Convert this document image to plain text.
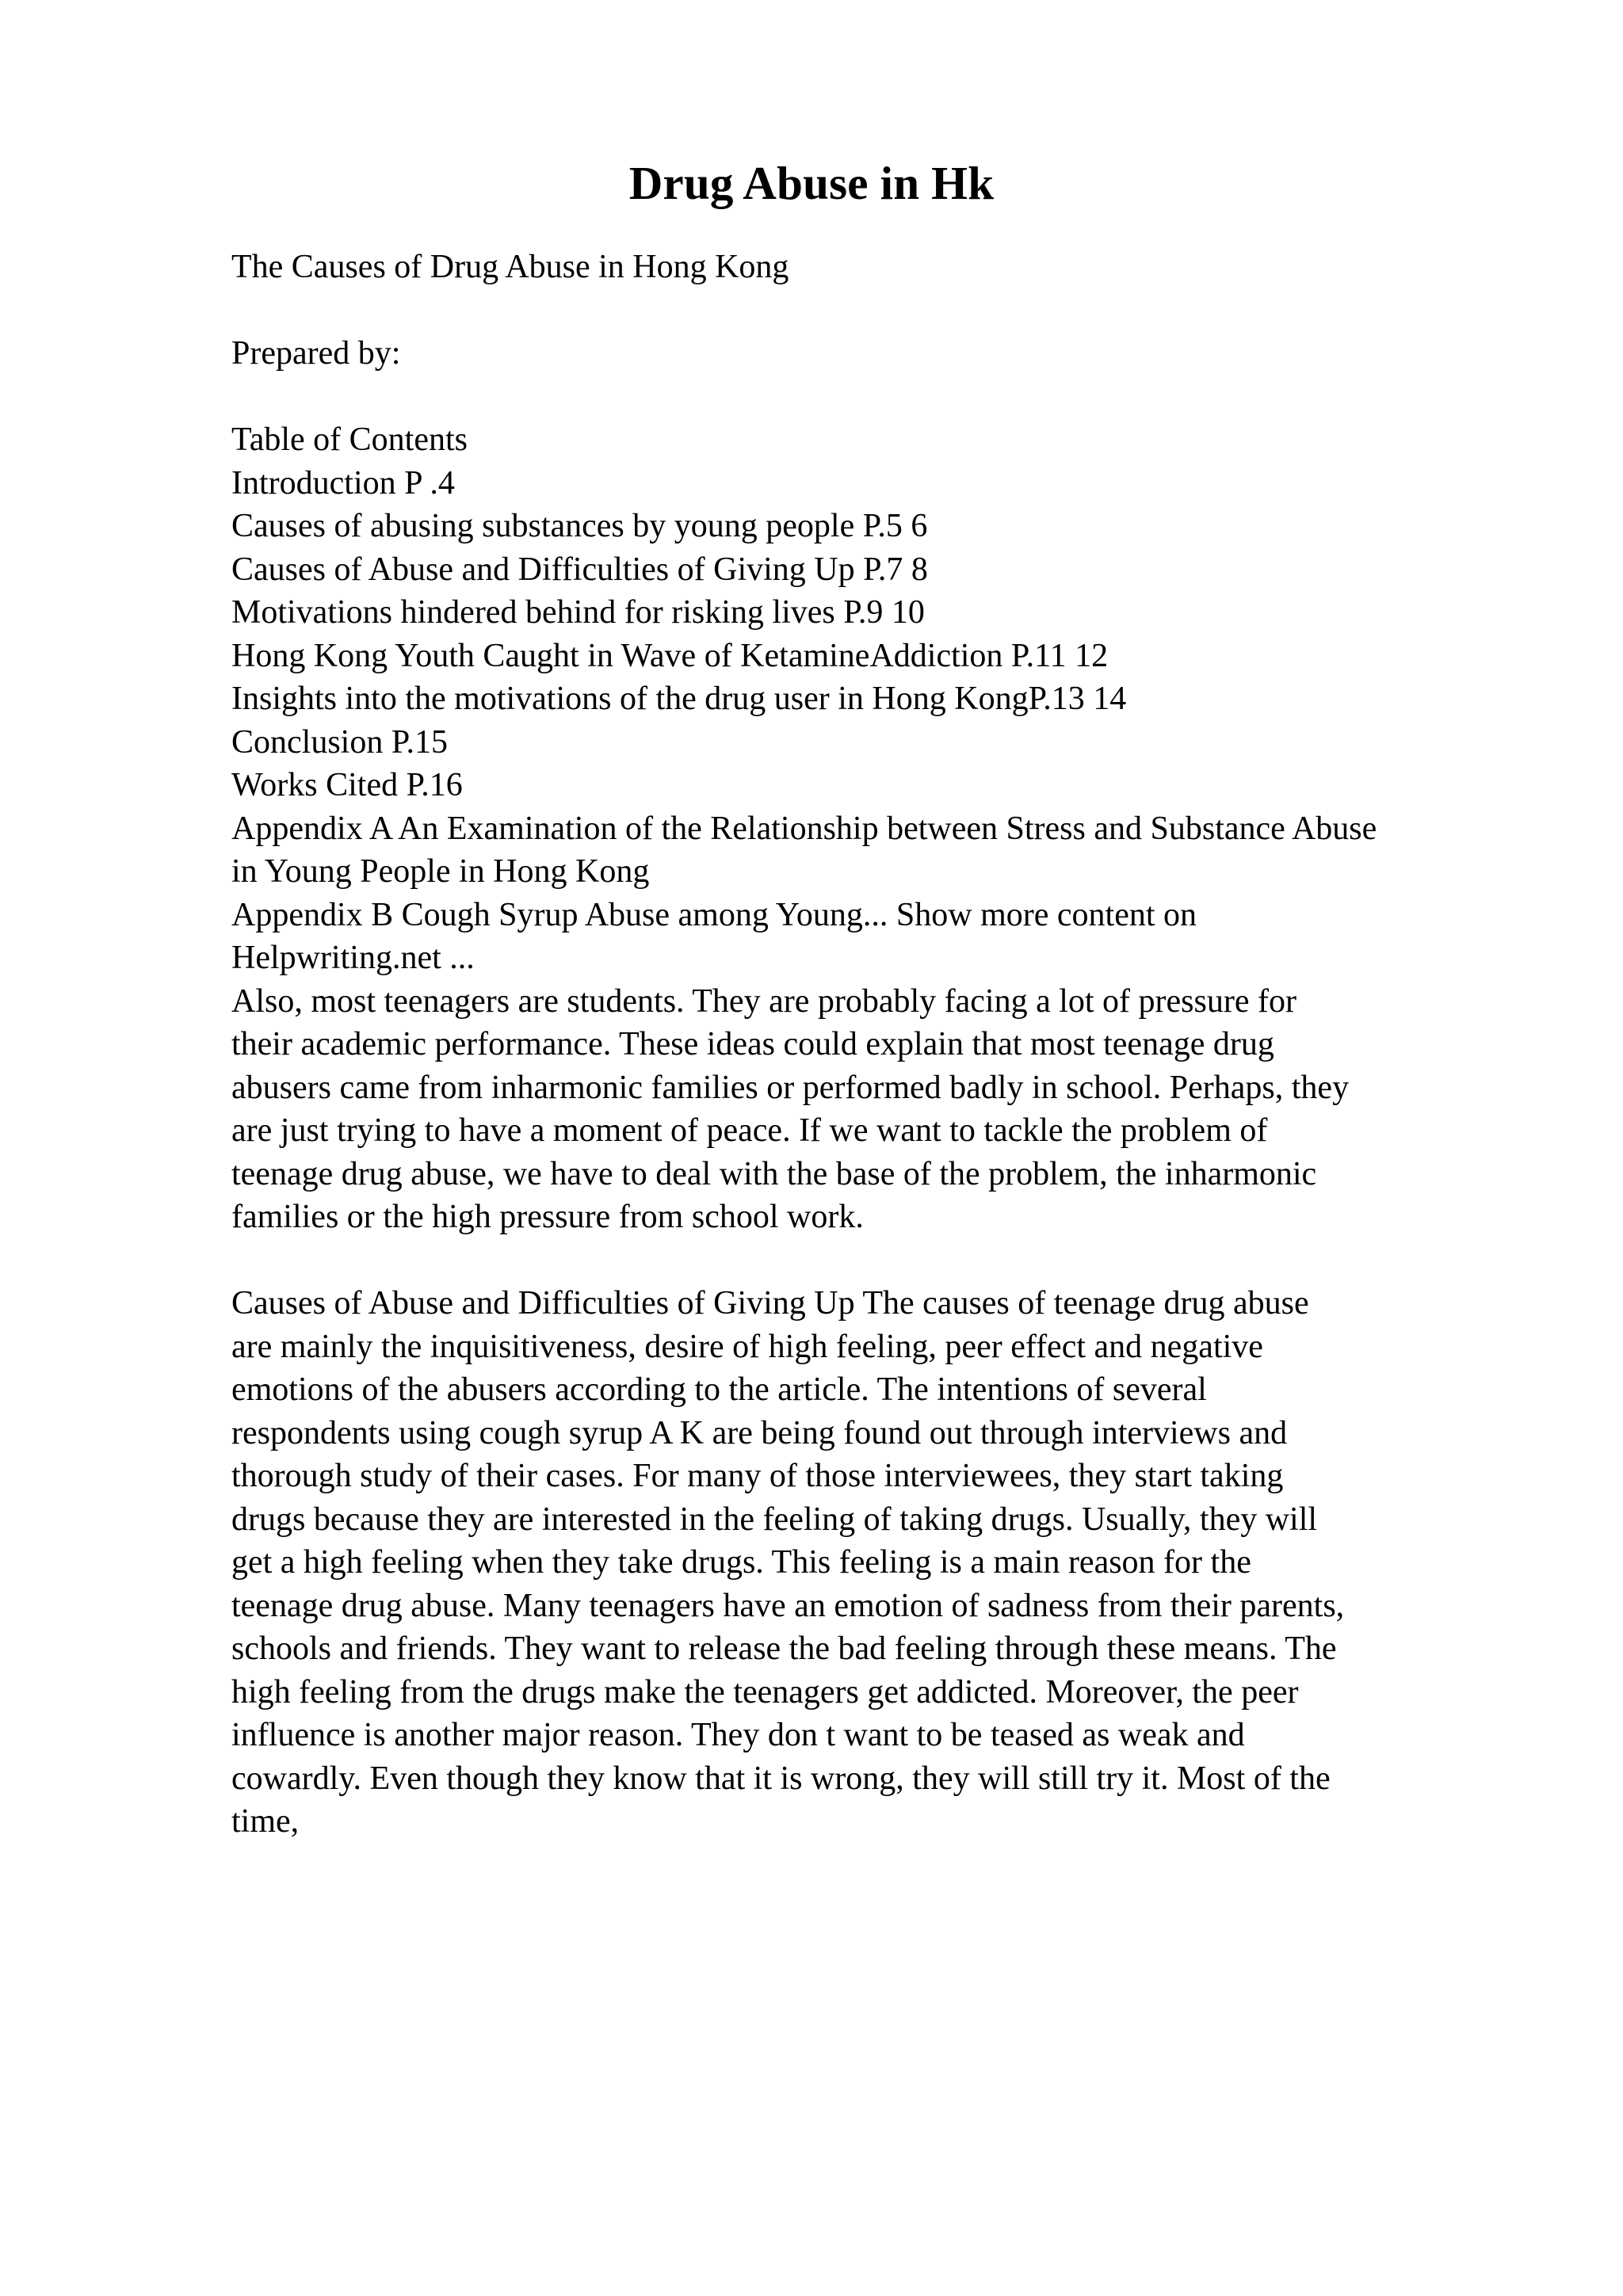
Drug Abuse in Hk
The Causes of Drug Abuse in Hong Kong
Prepared by:
Table of Contents
Introduction P .4
Causes of abusing substances by young people P.5 6
Causes of Abuse and Difficulties of Giving Up P.7 8
Motivations hindered behind for risking lives P.9 10
Hong Kong Youth Caught in Wave of KetamineAddiction P.11 12
Insights into the motivations of the drug user in Hong KongP.13 14
Conclusion P.15
Works Cited P.16
Appendix A An Examination of the Relationship between Stress and Substance Abuse
in Young People in Hong Kong
Appendix B Cough Syrup Abuse among Young... Show more content on
Helpwriting.net ...
Also, most teenagers are students. They are probably facing a lot of pressure for
their academic performance. These ideas could explain that most teenage drug
abusers came from inharmonic families or performed badly in school. Perhaps, they
are just trying to have a moment of peace. If we want to tackle the problem of
teenage drug abuse, we have to deal with the base of the problem, the inharmonic
families or the high pressure from school work.
Causes of Abuse and Difficulties of Giving Up The causes of teenage drug abuse
are mainly the inquisitiveness, desire of high feeling, peer effect and negative
emotions of the abusers according to the article. The intentions of several
respondents using cough syrup A K are being found out through interviews and
thorough study of their cases. For many of those interviewees, they start taking
drugs because they are interested in the feeling of taking drugs. Usually, they will
get a high feeling when they take drugs. This feeling is a main reason for the
teenage drug abuse. Many teenagers have an emotion of sadness from their parents,
schools and friends. They want to release the bad feeling through these means. The
high feeling from the drugs make the teenagers get addicted. Moreover, the peer
influence is another major reason. They don t want to be teased as weak and
cowardly. Even though they know that it is wrong, they will still try it. Most of the
time,
